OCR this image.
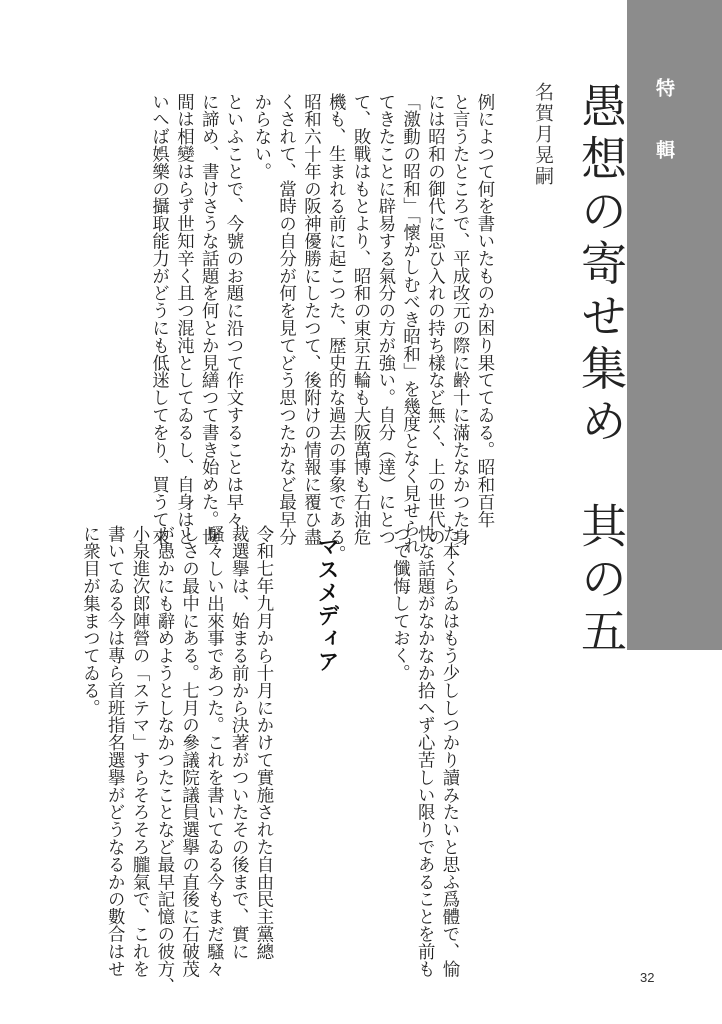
特輯
愚想の寄せ集め　其の五
名賀月晃嗣
例によつて何を書いたものか困り果ててゐる。昭和百年
と言うたところで、平成改元の際に齢十に滿たなかつた身
には昭和の御代に思ひ入れの持ち樣など無く、上の世代の
「激動の昭和」「懷かしむべき昭和」を幾度となく見せられ
てきたことに辟易する氣分の方が強い。自分（達）にとつ
て、敗戰はもとより、昭和の東京五輪も大阪萬博も石油危
機も、生まれる前に起こつた、歴史的な過去の事象である。
昭和六十年の阪神優勝にしたつて、後附けの情報に覆ひ盡
くされて、當時の自分が何を見てどう思つたかなど最早分
からない。
といふことで、今號のお題に沿つて作文することは早々
に諦め、書けさうな話題を何とか見繕つて書き始めた。世
間は相變はらず世知辛く且つ混沌としてゐるし、自身はと
いへば娯樂の攝取能力がどうにも低迷してをり、買うて來
た本くらゐはもう少ししつかり讀みたいと思ふ爲體で、愉
快な話題がなかなか拾へず心苦しい限りであることを前も
つて懺悔しておく。
マスメディア
令和七年九月から十月にかけて實施された自由民主黨總
裁選擧は、始まる前から決著がついたその後まで、實に
騷々しい出來事であつた。これを書いてゐる今もまだ騷々
しさの最中にある。七月の參議院議員選擧の直後に石破茂
が愚かにも辭めようとしなかつたことなど最早記憶の彼方、
小泉進次郎陣營の「ステマ」すらそろそろ朧氣で、これを
書いてゐる今は專ら首班指名選擧がどうなるかの數合はせ
に衆目が集まつてゐる。
32
